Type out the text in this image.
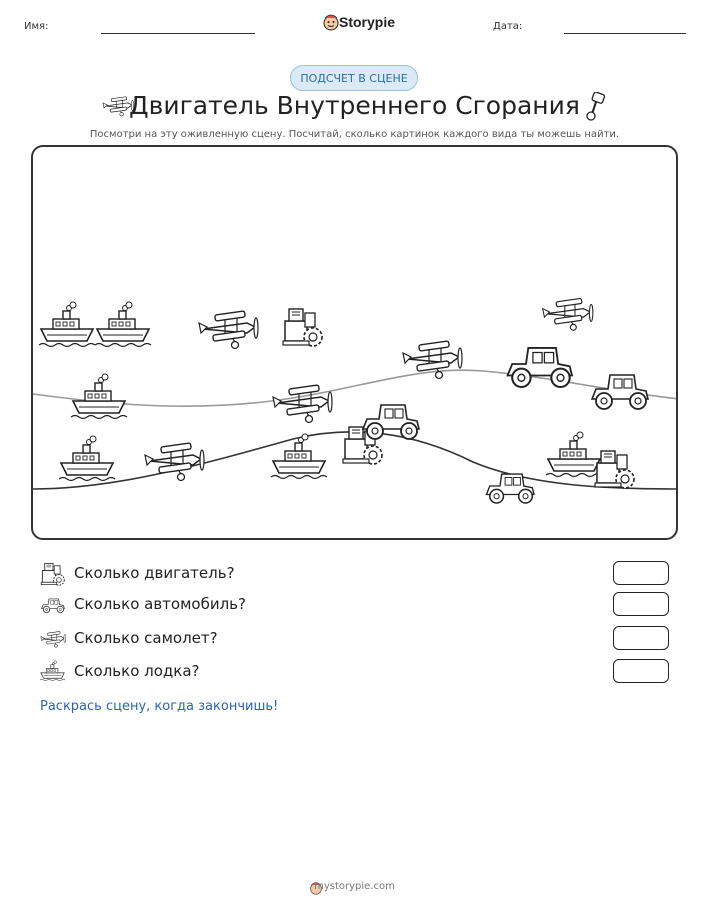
Имя:	Storypie	Дата:
ПОДСЧЕТ В СЦЕНЕ
Двигатель Внутреннего Сгорания
Посмотри на эту оживленную сцену. Посчитай, сколько картинок каждого вида ты можешь найти.
Сколько двигатель?
Сколько автомобиль?
Сколько самолет?
Сколько лодка?
Раскрась сцену, когда закончишь!
mystorypie.com
